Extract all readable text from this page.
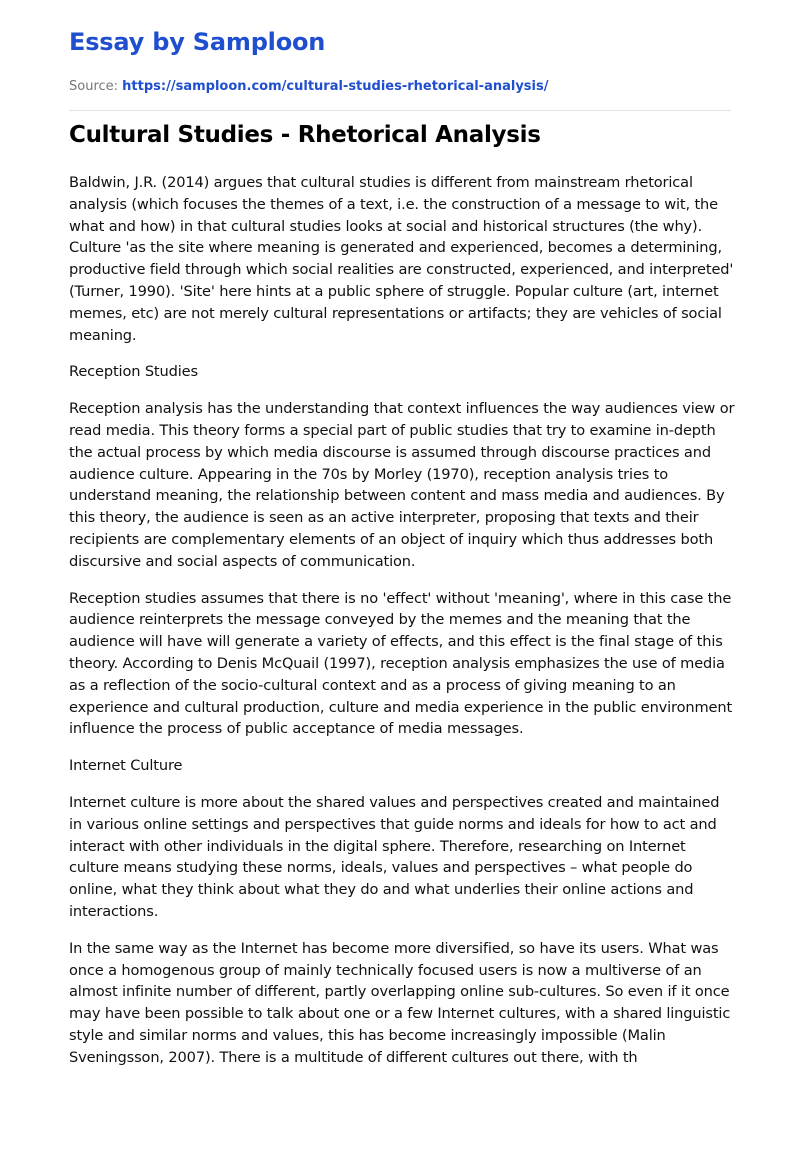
Essay by Samploon
Source: https://samploon.com/cultural-studies-rhetorical-analysis/
Cultural Studies - Rhetorical Analysis

Baldwin, J.R. (2014) argues that cultural studies is different from mainstream rhetorical analysis (which focuses the themes of a text, i.e. the construction of a message to wit, the what and how) in that cultural studies looks at social and historical structures (the why). Culture 'as the site where meaning is generated and experienced, becomes a determining, productive field through which social realities are constructed, experienced, and interpreted' (Turner, 1990). 'Site' here hints at a public sphere of struggle. Popular culture (art, internet memes, etc) are not merely cultural representations or artifacts; they are vehicles of social meaning.

Reception Studies

Reception analysis has the understanding that context influences the way audiences view or read media. This theory forms a special part of public studies that try to examine in-depth the actual process by which media discourse is assumed through discourse practices and audience culture. Appearing in the 70s by Morley (1970), reception analysis tries to understand meaning, the relationship between content and mass media and audiences. By this theory, the audience is seen as an active interpreter, proposing that texts and their recipients are complementary elements of an object of inquiry which thus addresses both discursive and social aspects of communication.

Reception studies assumes that there is no 'effect' without 'meaning', where in this case the audience reinterprets the message conveyed by the memes and the meaning that the audience will have will generate a variety of effects, and this effect is the final stage of this theory. According to Denis McQuail (1997), reception analysis emphasizes the use of media as a reflection of the socio-cultural context and as a process of giving meaning to an experience and cultural production, culture and media experience in the public environment influence the process of public acceptance of media messages.

Internet Culture

Internet culture is more about the shared values and perspectives created and maintained in various online settings and perspectives that guide norms and ideals for how to act and interact with other individuals in the digital sphere. Therefore, researching on Internet culture means studying these norms, ideals, values and perspectives – what people do online, what they think about what they do and what underlies their online actions and interactions.

In the same way as the Internet has become more diversified, so have its users. What was once a homogenous group of mainly technically focused users is now a multiverse of an almost infinite number of different, partly overlapping online sub-cultures. So even if it once may have been possible to talk about one or a few Internet cultures, with a shared linguistic style and similar norms and values, this has become increasingly impossible (Malin Sveningsson, 2007). There is a multitude of different cultures out there, with th
